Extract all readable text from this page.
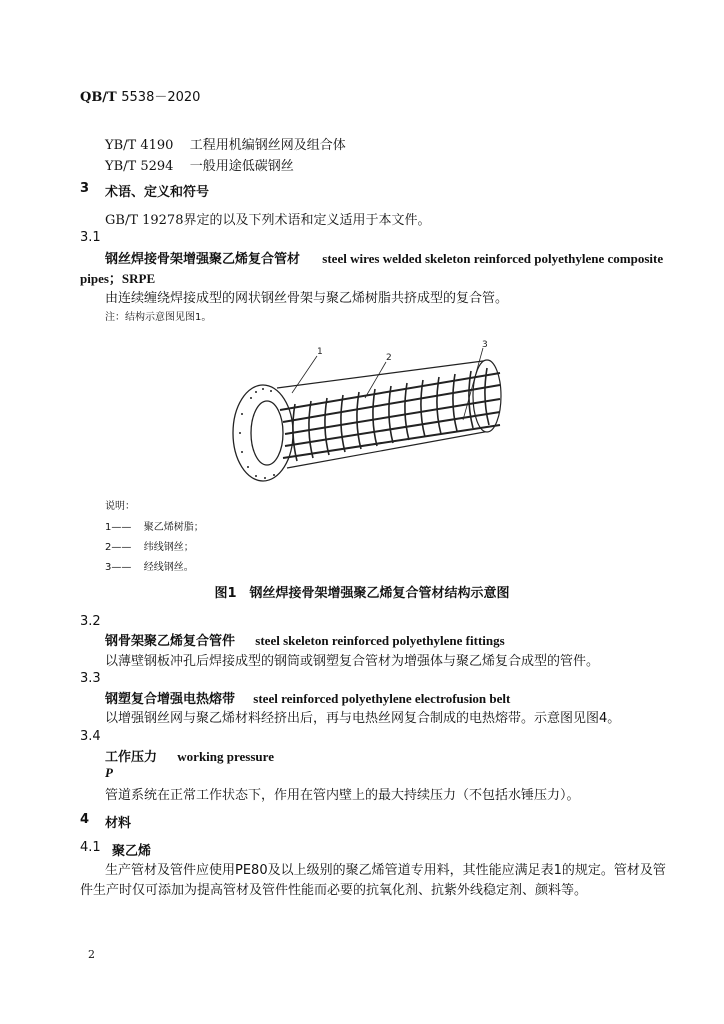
QB/T 5538－2020
YB/T 4190 工程用机编钢丝网及组合体
YB/T 5294 一般用途低碳钢丝
3 术语、定义和符号
GB/T 19278界定的以及下列术语和定义适用于本文件。
3.1
钢丝焊接骨架增强聚乙烯复合管材 steel wires welded skeleton reinforced polyethylene composite
pipes；SRPE
由连续缠绕焊接成型的网状钢丝骨架与聚乙烯树脂共挤成型的复合管。
注：结构示意图见图1。
1
2
3
说明：
1—— 聚乙烯树脂；
2—— 纬线钢丝；
3—— 经线钢丝。
图1　钢丝焊接骨架增强聚乙烯复合管材结构示意图
3.2
钢骨架聚乙烯复合管件 steel skeleton reinforced polyethylene fittings
以薄壁钢板冲孔后焊接成型的钢筒或钢塑复合管材为增强体与聚乙烯复合成型的管件。
3.3
钢塑复合增强电热熔带 steel reinforced polyethylene electrofusion belt
以增强钢丝网与聚乙烯材料经挤出后，再与电热丝网复合制成的电热熔带。示意图见图4。
3.4
工作压力 working pressure
P
管道系统在正常工作状态下，作用在管内壁上的最大持续压力（不包括水锤压力）。
4 材料
4.1 聚乙烯
生产管材及管件应使用PE80及以上级别的聚乙烯管道专用料，其性能应满足表1的规定。管材及管
件生产时仅可添加为提高管材及管件性能而必要的抗氧化剂、抗紫外线稳定剂、颜料等。
2
